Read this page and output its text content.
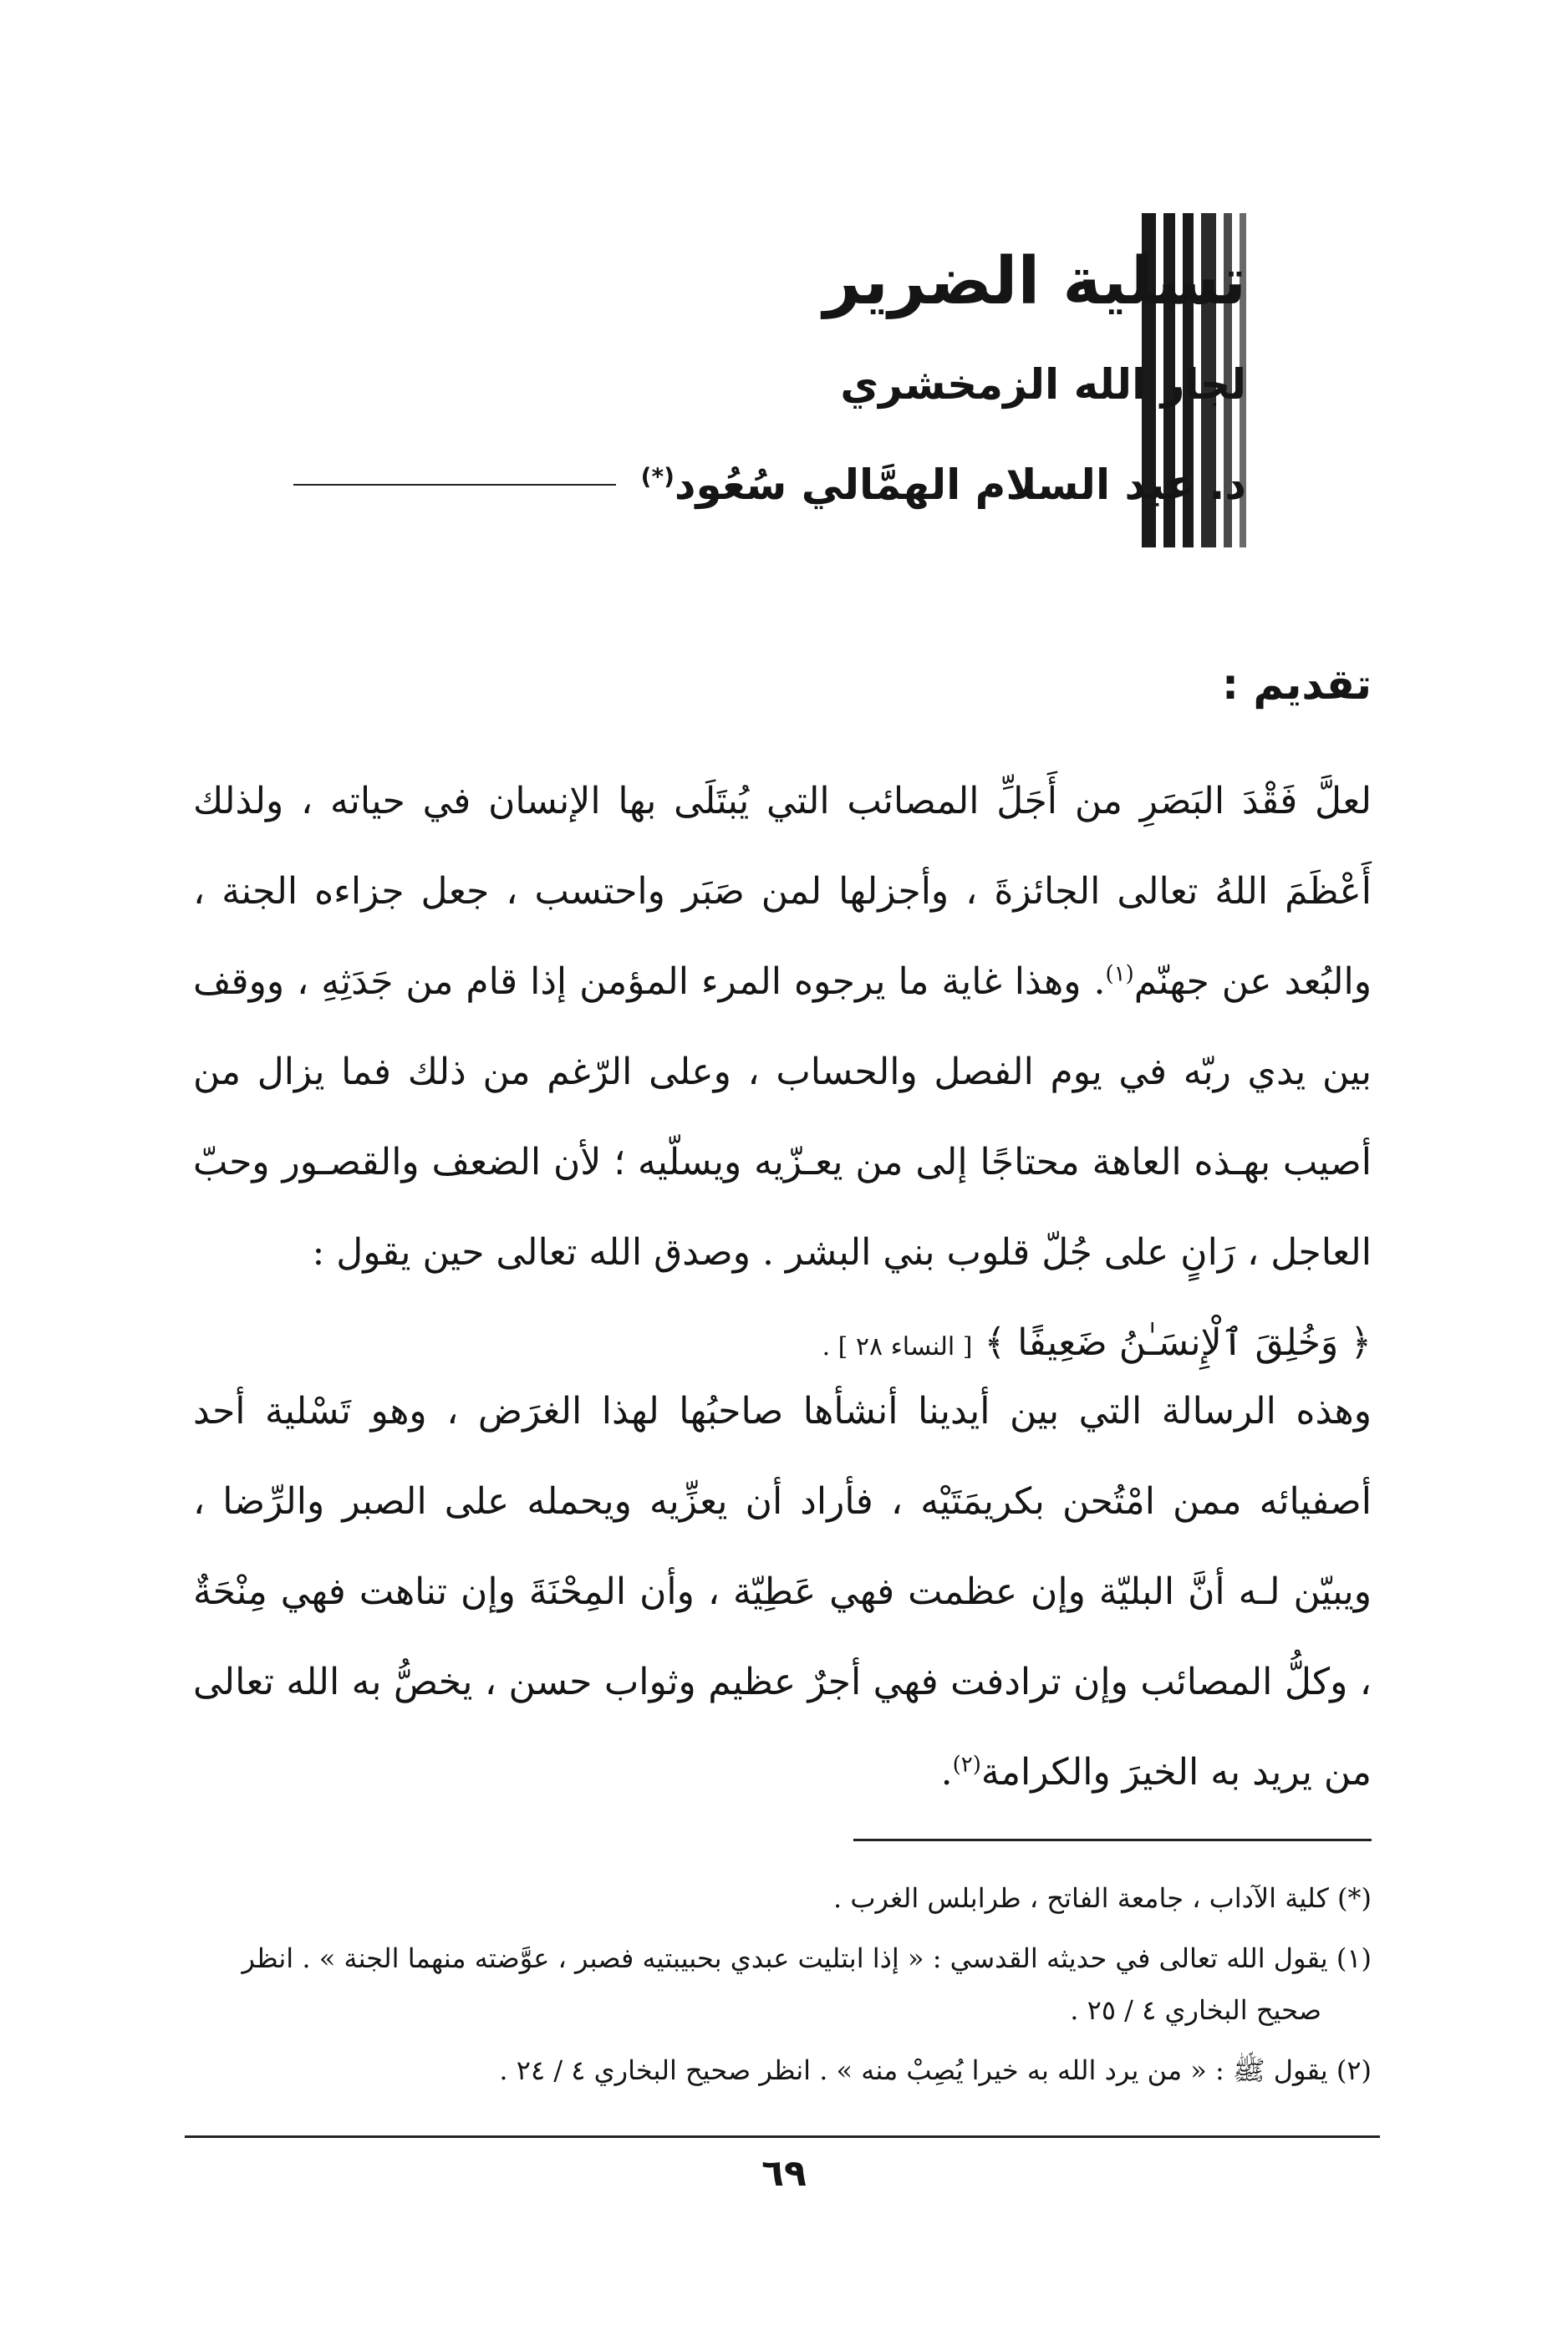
تسلية الضرير
لجار الله الزمخشري
د. عبد السلام الهمَّالي سُعُود(*)
تقديم :

لعلَّ فَقْدَ البَصَرِ من أَجَلِّ المصائب التي يُبتَلَى بها الإنسان في حياته ، ولذلك أَعْظَمَ اللهُ تعالى الجائزةَ ، وأجزلها لمن صَبَر واحتسب ، جعل جزاءه الجنة ، والبُعد عن جهنّم$^{(١)}$. وهذا غاية ما يرجوه المرء المؤمن إذا قام من جَدَثِهِ ، ووقف بين يدي ربّه في يوم الفصل والحساب ، وعلى الرّغم من ذلك فما يزال من أصيب بهـذه العاهة محتاجًا إلى من يعـزّيه ويسلّيه ؛ لأن الضعف والقصـور وحبّ العاجل ، رَانٍ على جُلّ قلوب بني البشر . وصدق الله تعالى حين يقول :
﴿ وَخُلِقَ ٱلْإِنسَـٰنُ ضَعِيفًا ﴾ [ النساء ٢٨ ] .

وهذه الرسالة التي بين أيدينا أنشأها صاحبُها لهذا الغرَض ، وهو تَسْلية أحد أصفيائه ممن امْتُحن بكريمَتَيْه ، فأراد أن يعزِّيه ويحمله على الصبر والرِّضا ، ويبيّن لـه أنَّ البليّة وإن عظمت فهي عَطِيّة ، وأن المِحْنَةَ وإن تناهت فهي مِنْحَةٌ ، وكلُّ المصائب وإن ترادفت فهي أجرٌ عظيم وثواب حسن ، يخصُّ به الله تعالى من يريد به الخيرَ والكرامة$^{(٢)}$.

(*) كلية الآداب ، جامعة الفاتح ، طرابلس الغرب .

(١) يقول الله تعالى في حديثه القدسي : « إذا ابتليت عبدي بحبيبتيه فصبر ، عوَّضته منهما الجنة » . انظر
صحيح البخاري ٤ / ٢٥ .

(٢) يقول ﷺ : « من يرد الله به خيرا يُصِبْ منه » . انظر صحيح البخاري ٤ / ٢٤ .

٦٩
